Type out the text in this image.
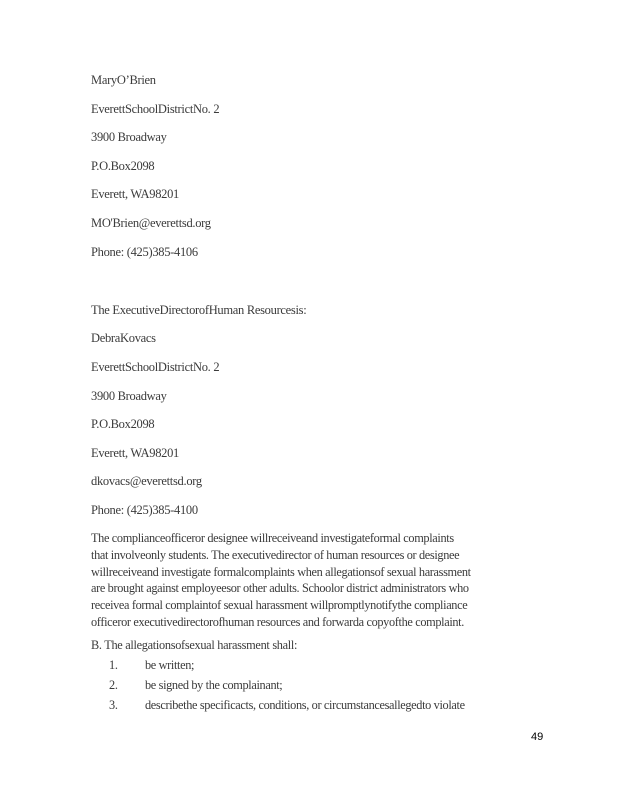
MaryO’Brien
EverettSchoolDistrictNo. 2
3900 Broadway
P.O.Box2098
Everett, WA98201
MO'Brien@everettsd.org
Phone: (425)385-4106
The ExecutiveDirectorofHuman Resourcesis:
DebraKovacs
EverettSchoolDistrictNo. 2
3900 Broadway
P.O.Box2098
Everett, WA98201
dkovacs@everettsd.org
Phone: (425)385-4100
The complianceofficeror designee willreceiveand investigateformal complaints
that involveonly students. The executivedirector of human resources or designee
willreceiveand investigate formalcomplaints when allegationsof sexual harassment
are brought against employeesor other adults. Schoolor district administrators who
receivea formal complaintof sexual harassment willpromptlynotifythe compliance
officeror executivedirectorofhuman resources and forwarda copyofthe complaint.
B. The allegationsofsexual harassment shall:
1. be written;
2. be signed by the complainant;
3. describethe specificacts, conditions, or circumstancesallegedto violate
49
